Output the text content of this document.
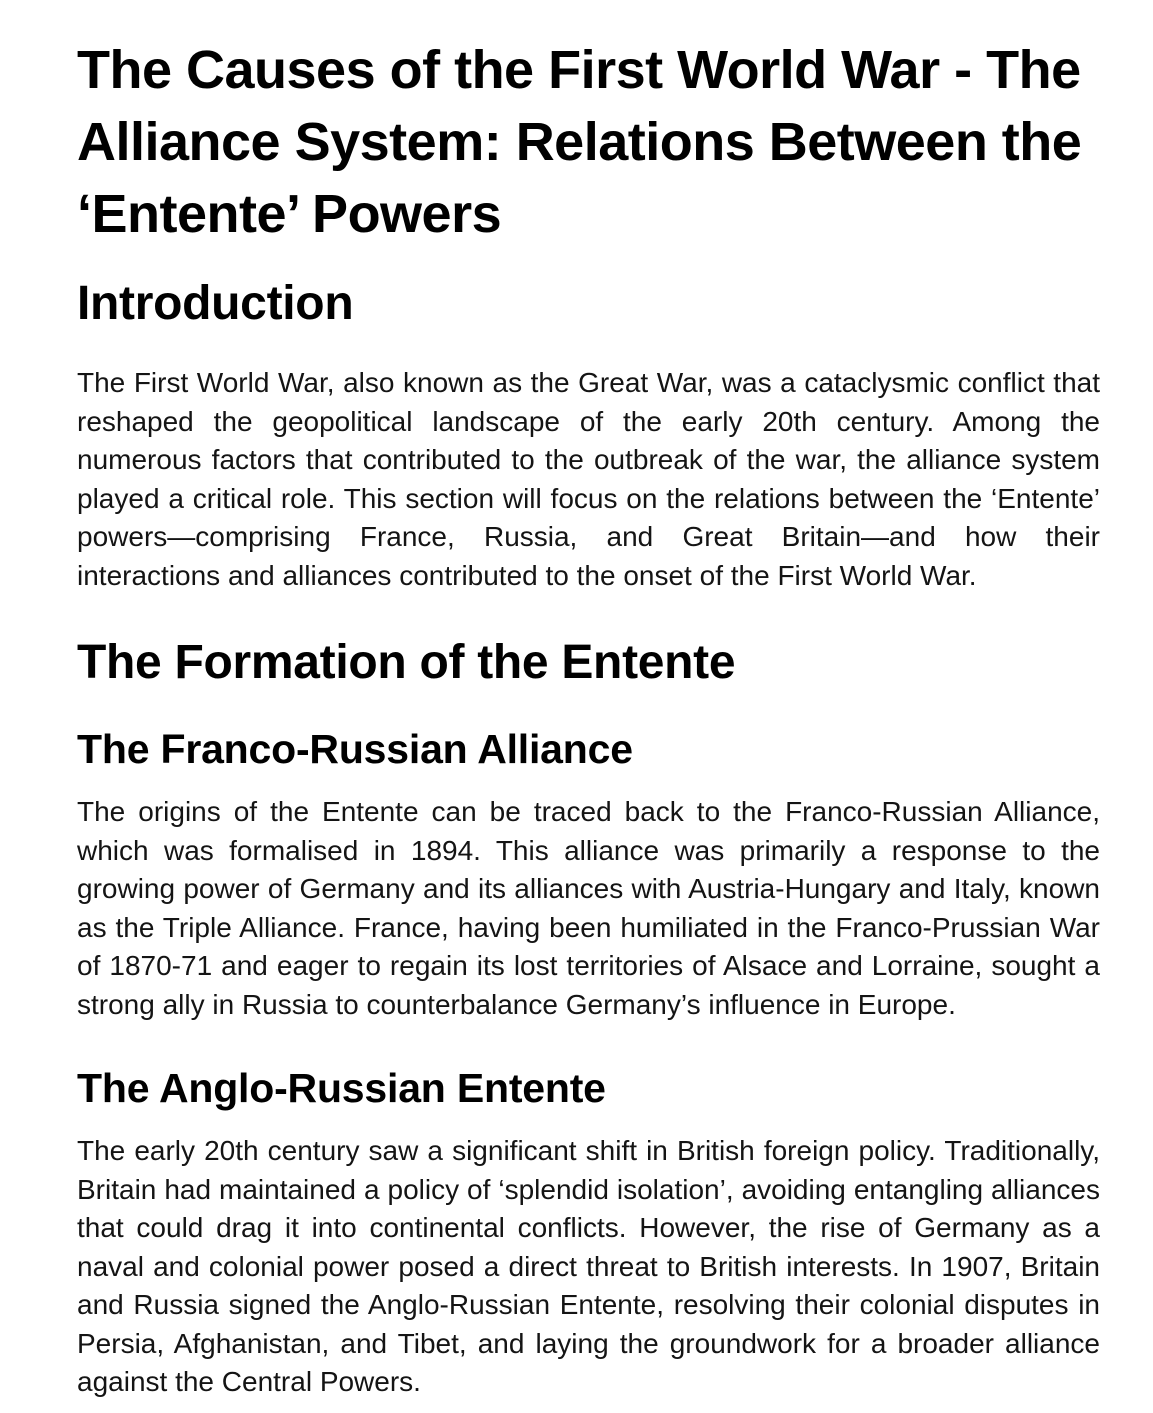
The Causes of the First World War - The Alliance System: Relations Between the ‘Entente’ Powers
Introduction

The First World War, also known as the Great War, was a cataclysmic conflict that reshaped the geopolitical landscape of the early 20th century. Among the numerous factors that contributed to the outbreak of the war, the alliance system played a critical role. This section will focus on the relations between the ‘Entente’ powers—comprising France, Russia, and Great Britain—and how their interactions and alliances contributed to the onset of the First World War.

The Formation of the Entente
The Franco-Russian Alliance

The origins of the Entente can be traced back to the Franco-Russian Alliance, which was formalised in 1894. This alliance was primarily a response to the growing power of Germany and its alliances with Austria-Hungary and Italy, known as the Triple Alliance. France, having been humiliated in the Franco-Prussian War of 1870-71 and eager to regain its lost territories of Alsace and Lorraine, sought a strong ally in Russia to counterbalance Germany’s influence in Europe.

The Anglo-Russian Entente

The early 20th century saw a significant shift in British foreign policy. Traditionally, Britain had maintained a policy of ‘splendid isolation’, avoiding entangling alliances that could drag it into continental conflicts. However, the rise of Germany as a naval and colonial power posed a direct threat to British interests. In 1907, Britain and Russia signed the Anglo-Russian Entente, resolving their colonial disputes in Persia, Afghanistan, and Tibet, and laying the groundwork for a broader alliance against the Central Powers.
